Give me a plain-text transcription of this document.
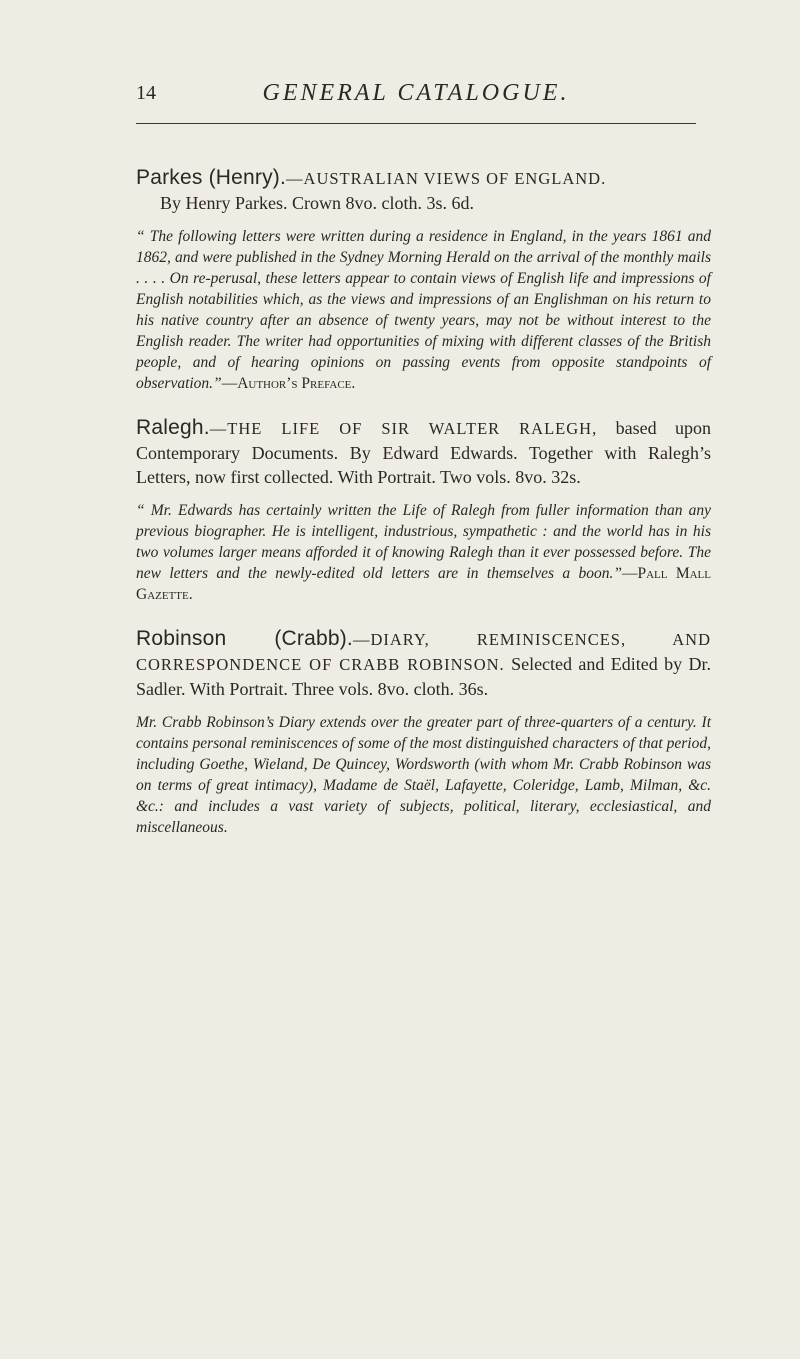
14	GENERAL CATALOGUE.
Parkes (Henry).—AUSTRALIAN VIEWS OF ENGLAND.
By Henry Parkes. Crown 8vo. cloth. 3s. 6d.
“ The following letters were written during a residence in England, in the years 1861 and 1862, and were published in the Sydney Morning Herald on the arrival of the monthly mails . . . . On re-perusal, these letters appear to contain views of English life and impressions of English notabilities which, as the views and impressions of an Englishman on his return to his native country after an absence of twenty years, may not be without interest to the English reader. The writer had opportunities of mixing with different classes of the British people, and of hearing opinions on passing events from opposite standpoints of observation.”—Author’s Preface.
Ralegh.—THE LIFE OF SIR WALTER RALEGH, based upon Contemporary Documents. By Edward Edwards. Together with Ralegh’s Letters, now first collected. With Portrait. Two vols. 8vo. 32s.
“ Mr. Edwards has certainly written the Life of Ralegh from fuller information than any previous biographer. He is intelligent, industrious, sympathetic : and the world has in his two volumes larger means afforded it of knowing Ralegh than it ever possessed before. The new letters and the newly-edited old letters are in themselves a boon.”—Pall Mall Gazette.
Robinson (Crabb).—DIARY, REMINISCENCES, AND CORRESPONDENCE OF CRABB ROBINSON. Selected and Edited by Dr. Sadler. With Portrait. Three vols. 8vo. cloth. 36s.
Mr. Crabb Robinson’s Diary extends over the greater part of three-quarters of a century. It contains personal reminiscences of some of the most distinguished characters of that period, including Goethe, Wieland, De Quincey, Wordsworth (with whom Mr. Crabb Robinson was on terms of great intimacy), Madame de Staël, Lafayette, Coleridge, Lamb, Milman, &c. &c.: and includes a vast variety of subjects, political, literary, ecclesiastical, and miscellaneous.
